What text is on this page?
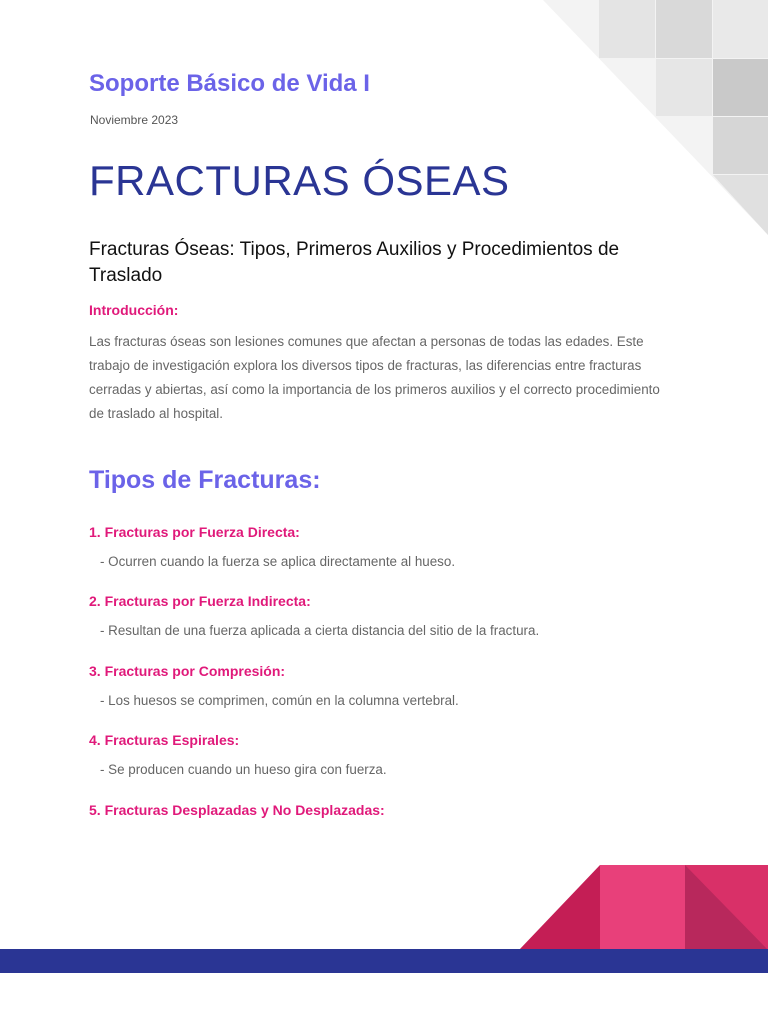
Soporte Básico de Vida I
Noviembre 2023
FRACTURAS ÓSEAS
Fracturas Óseas: Tipos, Primeros Auxilios y Procedimientos de Traslado
Introducción:

Las fracturas óseas son lesiones comunes que afectan a personas de todas las edades. Este trabajo de investigación explora los diversos tipos de fracturas, las diferencias entre fracturas cerradas y abiertas, así como la importancia de los primeros auxilios y el correcto procedimiento de traslado al hospital.

Tipos de Fracturas:
1. Fracturas por Fuerza Directa:
- Ocurren cuando la fuerza se aplica directamente al hueso.
2. Fracturas por Fuerza Indirecta:
- Resultan de una fuerza aplicada a cierta distancia del sitio de la fractura.
3. Fracturas por Compresión:
- Los huesos se comprimen, común en la columna vertebral.
4. Fracturas Espirales:
- Se producen cuando un hueso gira con fuerza.
5. Fracturas Desplazadas y No Desplazadas:
